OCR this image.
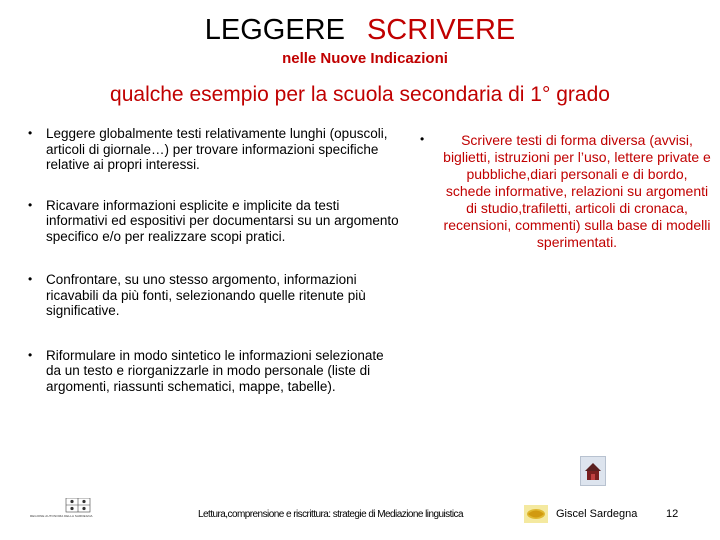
LEGGERE SCRIVERE
nelle Nuove Indicazioni
qualche esempio per la scuola secondaria di 1° grado
• Leggere globalmente testi relativamente lunghi (opuscoli, articoli di giornale…) per trovare informazioni specifiche relative ai propri interessi.
• Ricavare informazioni esplicite e implicite da testi informativi ed espositivi per documentarsi su un argomento specifico e/o per realizzare scopi pratici.
• Confrontare, su uno stesso argomento, informazioni ricavabili da più fonti, selezionando quelle ritenute più significative.
• Riformulare in modo sintetico le informazioni selezionate da un testo e riorganizzarle in modo personale (liste di argomenti, riassunti schematici, mappe, tabelle).
•	Scrivere testi di forma diversa (avvisi, biglietti, istruzioni per l’uso, lettere private e pubbliche,diari personali e di bordo, schede informative, relazioni su argomenti di studio,trafiletti, articoli di cronaca, recensioni, commenti) sulla base di modelli sperimentati.
REGIONE AUTONOMA DELLA SARDEGNA	Lettura,comprensione e riscrittura: strategie di Mediazione linguistica	Giscel Sardegna	12
